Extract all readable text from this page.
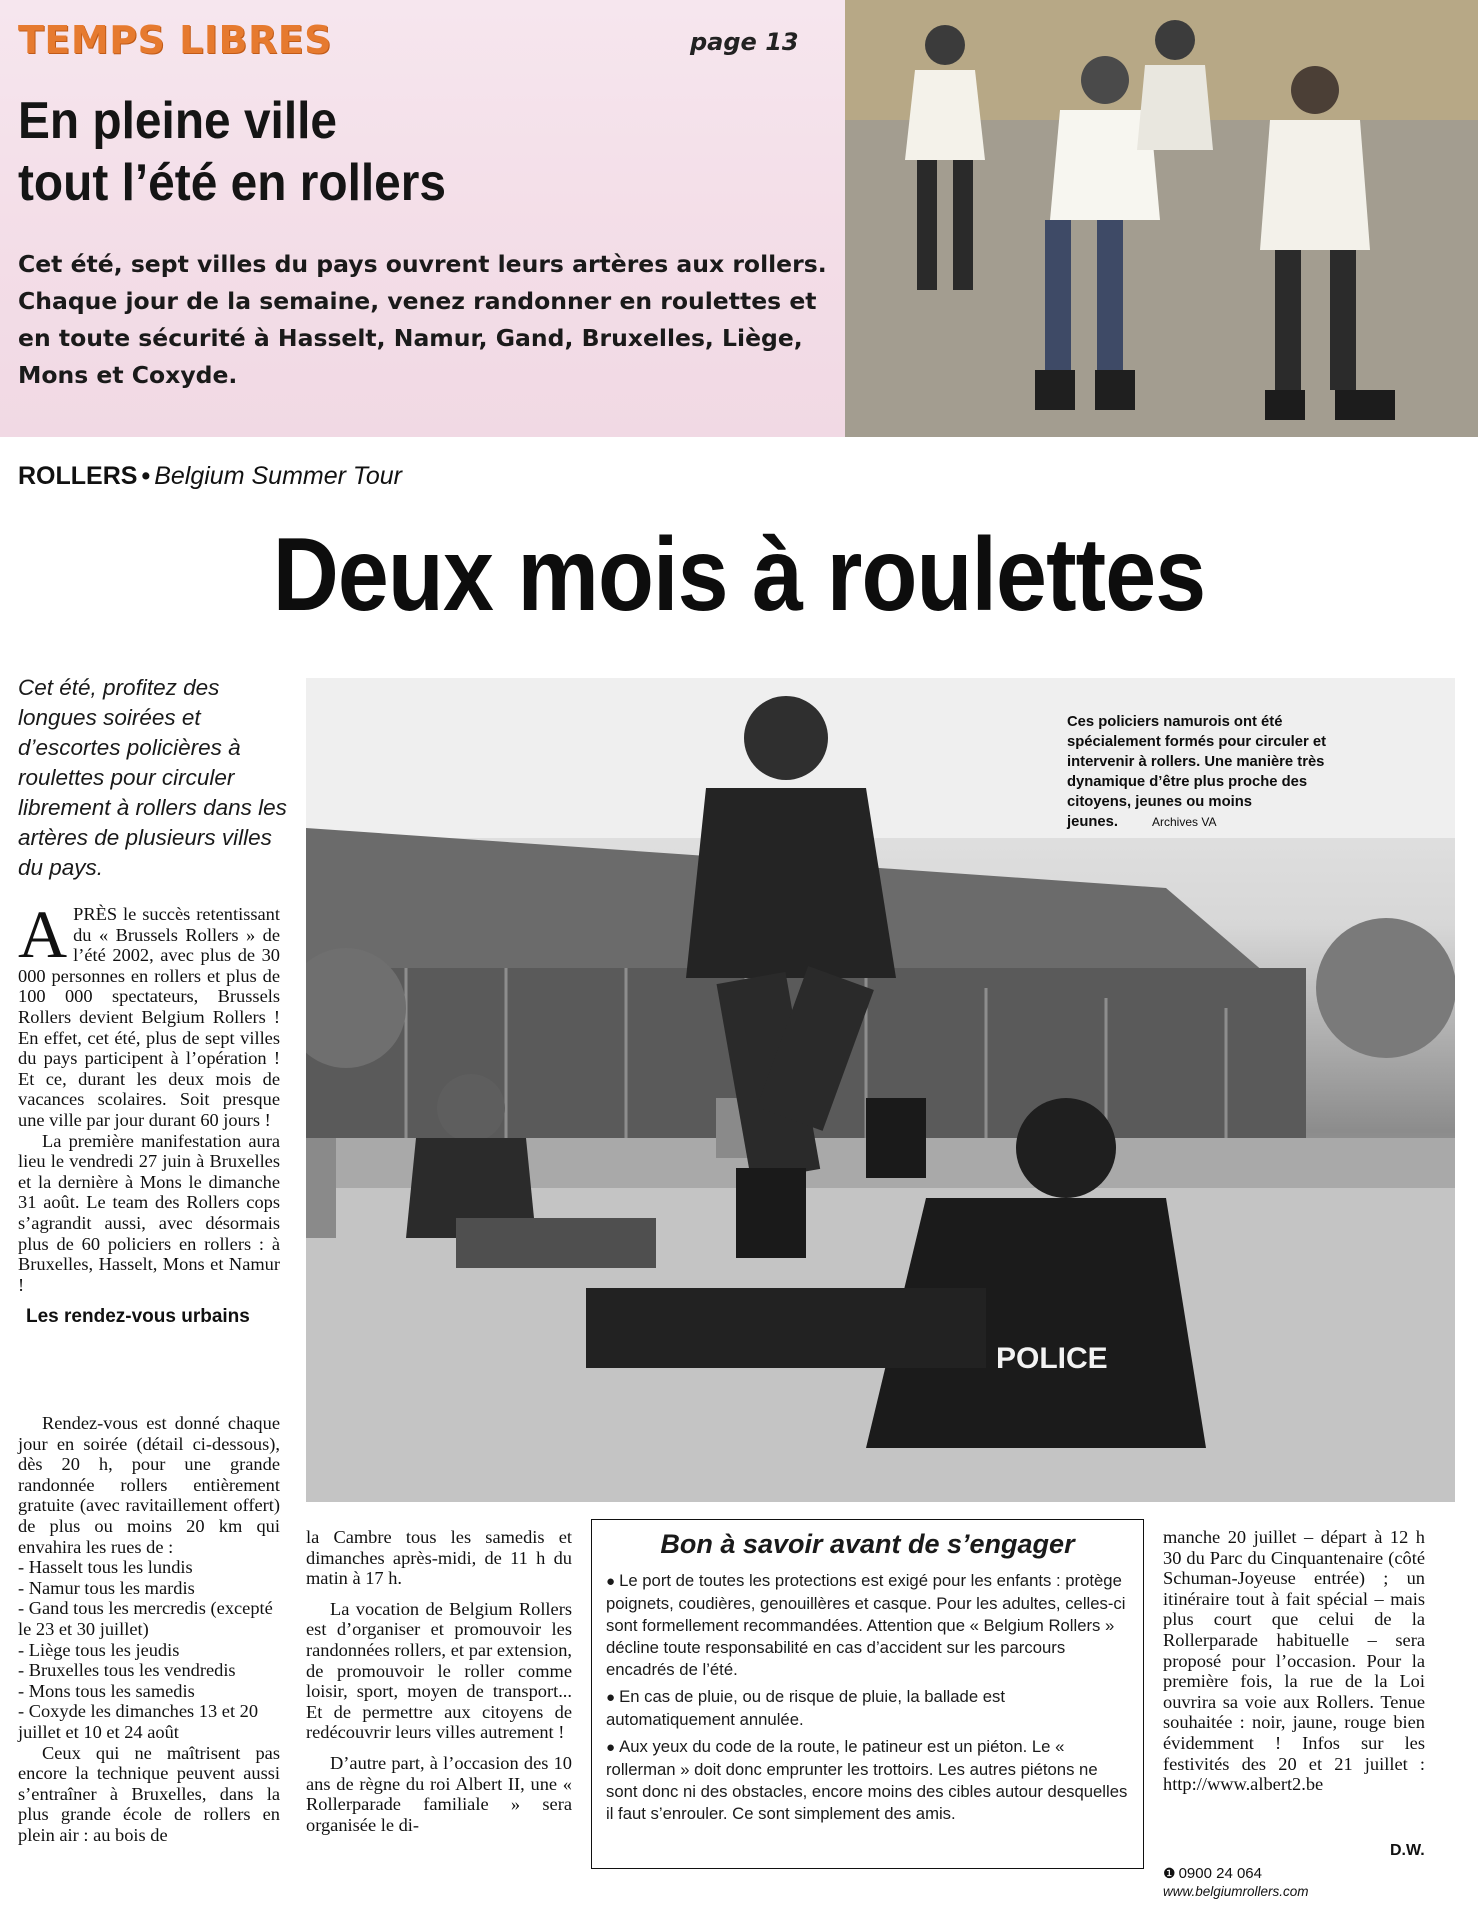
TEMPS LIBRES	page 13
En pleine ville
tout l’été en rollers
Cet été, sept villes du pays ouvrent leurs artères aux rollers. Chaque jour de la semaine, venez randonner en roulettes et en toute sécurité à Hasselt, Namur, Gand, Bruxelles, Liège, Mons et Coxyde.
ROLLERS • Belgium Summer Tour
Deux mois à roulettes
Cet été, profitez des longues soirées et d’escortes policières à roulettes pour circuler librement à rollers dans les artères de plusieurs villes du pays.

APRÈS le succès retentissant du « Brussels Rollers » de l’été 2002, avec plus de 30 000 personnes en rollers et plus de 100 000 spectateurs, Brussels Rollers devient Belgium Rollers ! En effet, cet été, plus de sept villes du pays participent à l’opération ! Et ce, durant les deux mois de vacances scolaires. Soit presque une ville par jour durant 60 jours !

La première manifestation aura lieu le vendredi 27 juin à Bruxelles et la dernière à Mons le dimanche 31 août. Le team des Rollers cops s’agrandit aussi, avec désormais plus de 60 policiers en rollers : à Bruxelles, Hasselt, Mons et Namur !

Les rendez-vous urbains

Rendez-vous est donné chaque jour en soirée (détail ci-dessous), dès 20 h, pour une grande randonnée rollers entièrement gratuite (avec ravitaillement offert) de plus ou moins 20 km qui envahira les rues de :

- Hasselt tous les lundis
- Namur tous les mardis
- Gand tous les mercredis (excepté le 23 et 30 juillet)
- Liège tous les jeudis
- Bruxelles tous les vendredis
- Mons tous les samedis
- Coxyde les dimanches 13 et 20 juillet et 10 et 24 août

Ceux qui ne maîtrisent pas encore la technique peuvent aussi s’entraîner à Bruxelles, dans la plus grande école de rollers en plein air : au bois de

POLICE
Ces policiers namurois ont été spécialement formés pour circuler et intervenir à rollers. Une manière très dynamique d’être plus proche des citoyens, jeunes ou moins jeunes.	Archives VA

la Cambre tous les samedis et dimanches après-midi, de 11 h du matin à 17 h.

La vocation de Belgium Rollers est d’organiser et promouvoir les randonnées rollers, et par extension, de promouvoir le roller comme loisir, sport, moyen de transport... Et de permettre aux citoyens de redécouvrir leurs villes autrement !

D’autre part, à l’occasion des 10 ans de règne du roi Albert II, une « Rollerparade familiale » sera organisée le di-

Bon à savoir avant de s’engager

● Le port de toutes les protections est exigé pour les enfants : protège poignets, coudières, genouillères et casque. Pour les adultes, celles-ci sont formellement recommandées. Attention que « Belgium Rollers » décline toute responsabilité en cas d’accident sur les parcours encadrés de l’été.

● En cas de pluie, ou de risque de pluie, la ballade est automatiquement annulée.

● Aux yeux du code de la route, le patineur est un piéton. Le « rollerman » doit donc emprunter les trottoirs. Les autres piétons ne sont donc ni des obstacles, encore moins des cibles autour desquelles il faut s’enrouler. Ce sont simplement des amis.

manche 20 juillet – départ à 12 h 30 du Parc du Cinquantenaire (côté Schuman-Joyeuse entrée) ; un itinéraire tout à fait spécial – mais plus court que celui de la Rollerparade habituelle – sera proposé pour l’occasion. Pour la première fois, la rue de la Loi ouvrira sa voie aux Rollers. Tenue souhaitée : noir, jaune, rouge bien évidemment ! Infos sur les festivités des 20 et 21 juillet : http://www.albert2.be
D.W.
❶ 0900 24 064
www.belgiumrollers.com
